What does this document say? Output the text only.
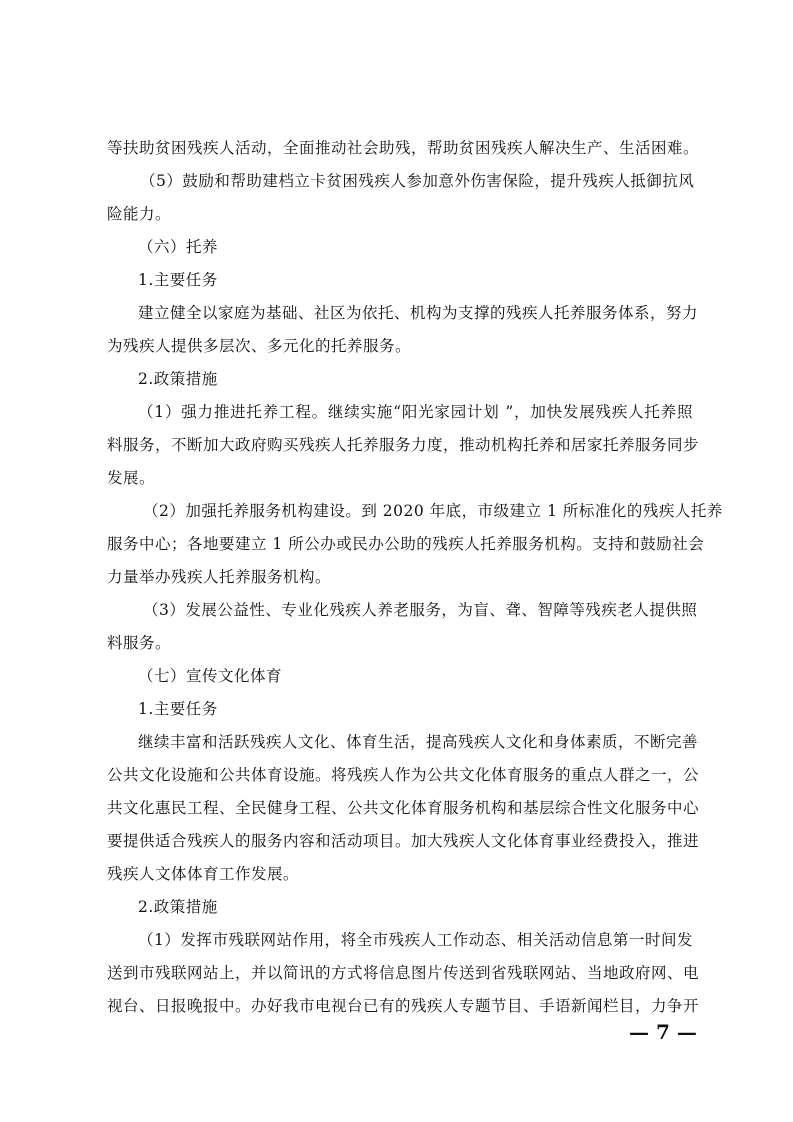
等扶助贫困残疾人活动，全面推动社会助残，帮助贫困残疾人解决生产、生活困难。
（5）鼓励和帮助建档立卡贫困残疾人参加意外伤害保险，提升残疾人抵御抗风
险能力。
（六）托养
1.主要任务
建立健全以家庭为基础、社区为依托、机构为支撑的残疾人托养服务体系，努力
为残疾人提供多层次、多元化的托养服务。
2.政策措施
（1）强力推进托养工程。继续实施“阳光家园计划 ”，加快发展残疾人托养照
料服务，不断加大政府购买残疾人托养服务力度，推动机构托养和居家托养服务同步
发展。
（2）加强托养服务机构建设。到 2020 年底，市级建立 1 所标准化的残疾人托养
服务中心；各地要建立 1 所公办或民办公助的残疾人托养服务机构。支持和鼓励社会
力量举办残疾人托养服务机构。
（3）发展公益性、专业化残疾人养老服务，为盲、聋、智障等残疾老人提供照
料服务。
（七）宣传文化体育
1.主要任务
继续丰富和活跃残疾人文化、体育生活，提高残疾人文化和身体素质，不断完善
公共文化设施和公共体育设施。将残疾人作为公共文化体育服务的重点人群之一，公
共文化惠民工程、全民健身工程、公共文化体育服务机构和基层综合性文化服务中心
要提供适合残疾人的服务内容和活动项目。加大残疾人文化体育事业经费投入，推进
残疾人文体体育工作发展。
2.政策措施
（1）发挥市残联网站作用，将全市残疾人工作动态、相关活动信息第一时间发
送到市残联网站上，并以简讯的方式将信息图片传送到省残联网站、当地政府网、电
视台、日报晚报中。办好我市电视台已有的残疾人专题节目、手语新闻栏目，力争开
— 7 —
